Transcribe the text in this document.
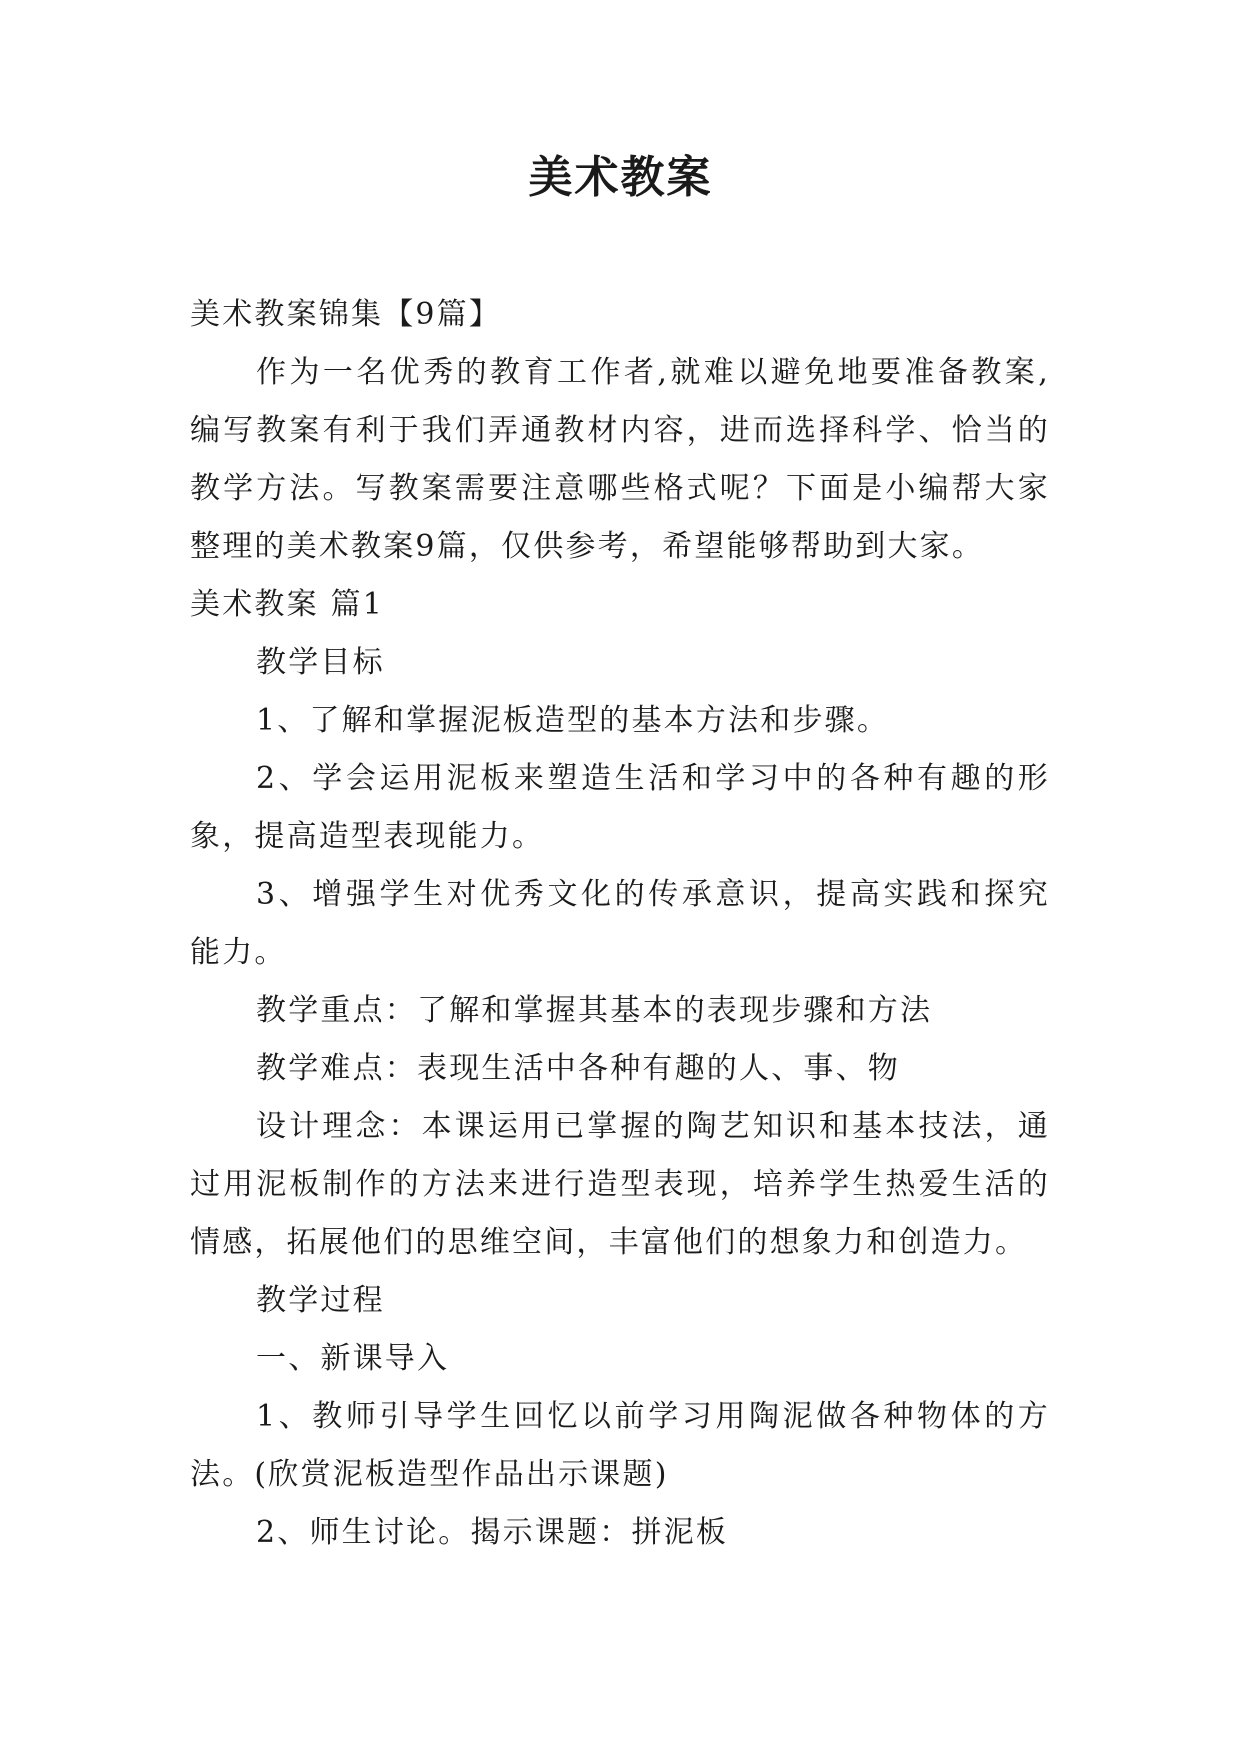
美术教案

美术教案锦集【9篇】

作为一名优秀的教育工作者,就难以避免地要准备教案,编写教案有利于我们弄通教材内容，进而选择科学、恰当的教学方法。写教案需要注意哪些格式呢？下面是小编帮大家整理的美术教案9篇，仅供参考，希望能够帮助到大家。

美术教案 篇1

教学目标

1、了解和掌握泥板造型的基本方法和步骤。

2、学会运用泥板来塑造生活和学习中的各种有趣的形象，提高造型表现能力。

3、增强学生对优秀文化的传承意识，提高实践和探究能力。

教学重点：了解和掌握其基本的表现步骤和方法

教学难点：表现生活中各种有趣的人、事、物

设计理念：本课运用已掌握的陶艺知识和基本技法，通过用泥板制作的方法来进行造型表现，培养学生热爱生活的情感，拓展他们的思维空间，丰富他们的想象力和创造力。

教学过程

一、新课导入

1、教师引导学生回忆以前学习用陶泥做各种物体的方法。(欣赏泥板造型作品出示课题)

2、师生讨论。揭示课题：拼泥板
